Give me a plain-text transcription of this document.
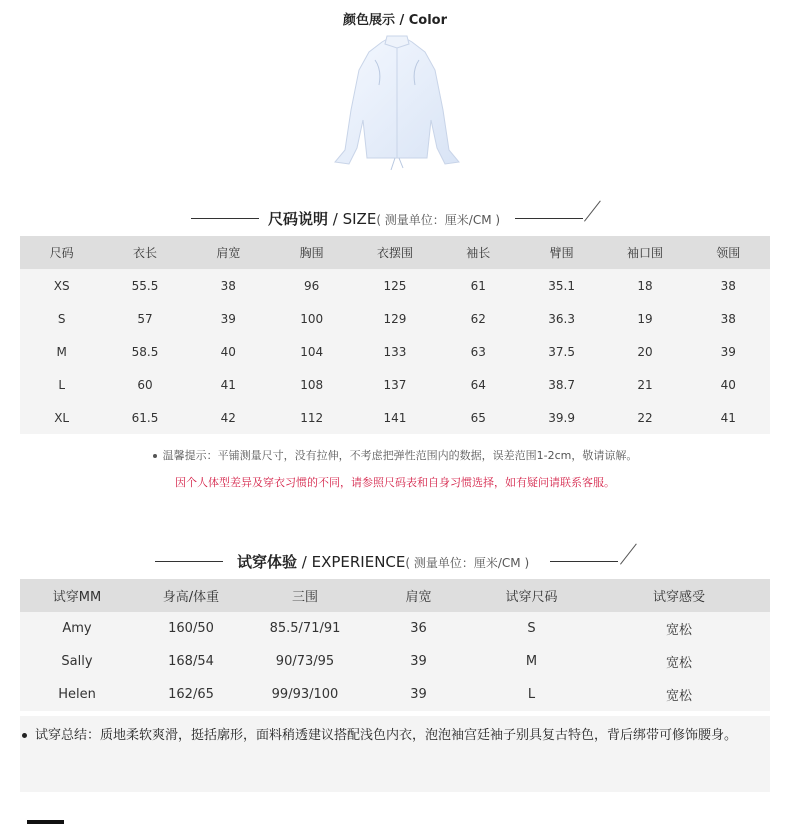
颜色展示 / Color
尺码说明 / SIZE( 测量单位：厘米/CM )
尺码	衣长	肩宽	胸围	衣摆围	袖长	臂围	袖口围	领围
XS	55.5	38	96	125	61	35.1	18	38
S	57	39	100	129	62	36.3	19	38
M	58.5	40	104	133	63	37.5	20	39
L	60	41	108	137	64	38.7	21	40
XL	61.5	42	112	141	65	39.9	22	41
温馨提示：平铺测量尺寸，没有拉伸，不考虑把弹性范围内的数据，误差范围1-2cm，敬请谅解。
因个人体型差异及穿衣习惯的不同，请参照尺码表和自身习惯选择，如有疑问请联系客服。
试穿体验 / EXPERIENCE( 测量单位：厘米/CM )
试穿MM	身高/体重	三围	肩宽	试穿尺码	试穿感受
Amy	160/50	85.5/71/91	36	S	宽松
Sally	168/54	90/73/95	39	M	宽松
Helen	162/65	99/93/100	39	L	宽松
试穿总结：质地柔软爽滑，挺括廓形，面料稍透建议搭配浅色内衣，泡泡袖宫廷袖子别具复古特色，背后绑带可修饰腰身。
